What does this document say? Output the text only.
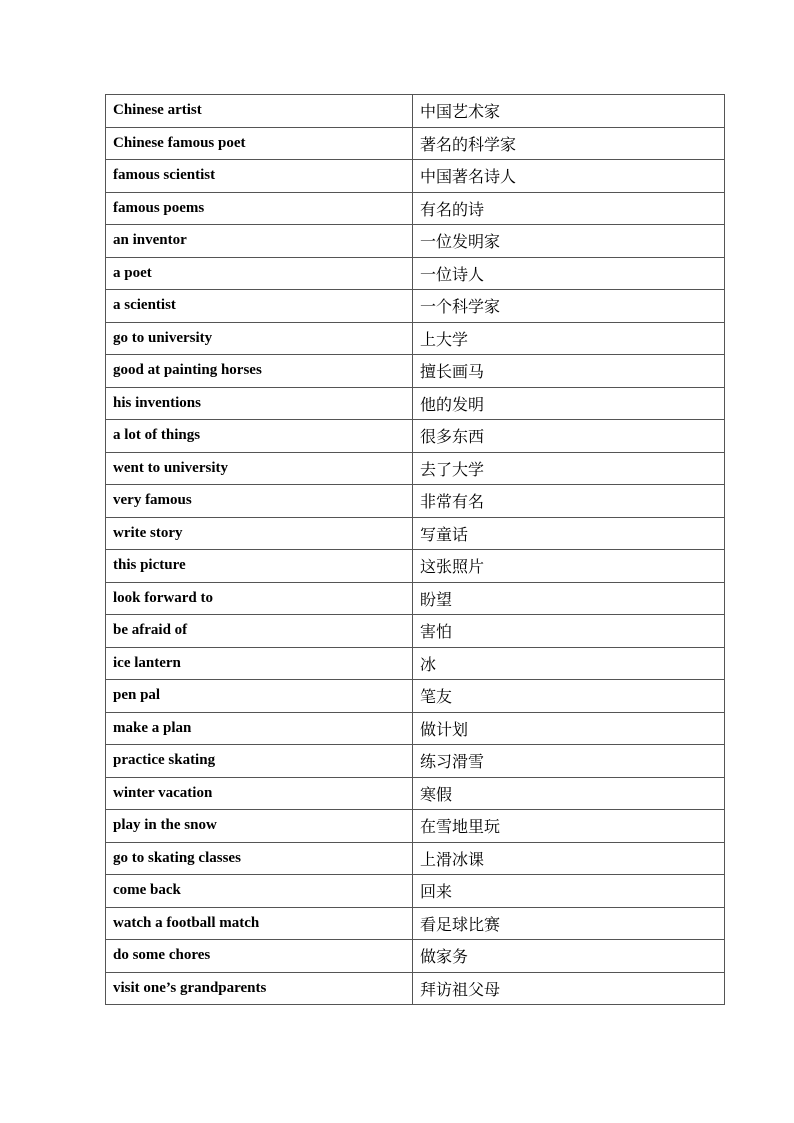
Chinese artist	中国艺术家
Chinese famous poet	著名的科学家
famous scientist	中国著名诗人
famous poems	有名的诗
an inventor	一位发明家
a poet	一位诗人
a scientist	一个科学家
go to university	上大学
good at painting horses	擅长画马
his inventions	他的发明
a lot of things	很多东西
went to university	去了大学
very famous	非常有名
write story	写童话
this picture	这张照片
look forward to	盼望
be afraid of	害怕
ice lantern	冰
pen pal	笔友
make a plan	做计划
practice skating	练习滑雪
winter vacation	寒假
play in the snow	在雪地里玩
go to skating classes	上滑冰课
come back	回来
watch a football match	看足球比赛
do some chores	做家务
visit one’s grandparents	拜访祖父母
